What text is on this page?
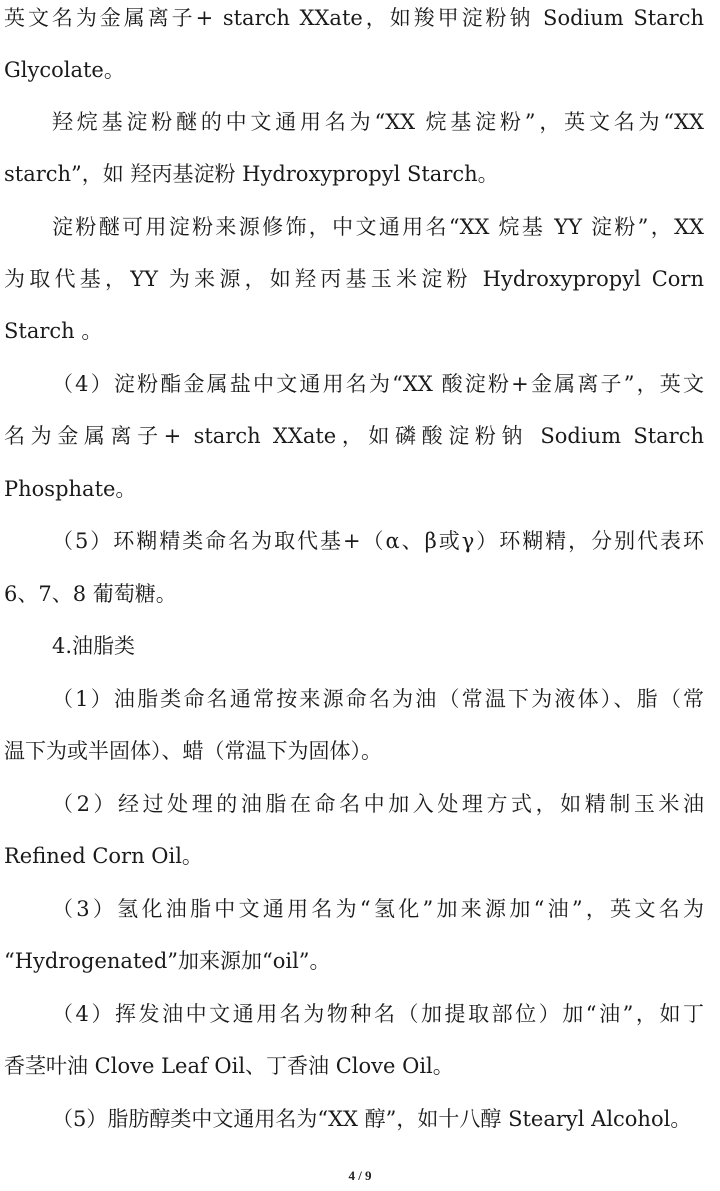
英文名为金属离子+ starch XXate，如羧甲淀粉钠 Sodium Starch
Glycolate。
羟烷基淀粉醚的中文通用名为“XX 烷基淀粉”，英文名为“XX
starch”，如 羟丙基淀粉 Hydroxypropyl Starch。
淀粉醚可用淀粉来源修饰，中文通用名“XX 烷基 YY 淀粉”，XX
为取代基，YY 为来源，如羟丙基玉米淀粉 Hydroxypropyl Corn
Starch 。
（4）淀粉酯金属盐中文通用名为“XX 酸淀粉+金属离子”，英文
名为金属离子+ starch XXate，如磷酸淀粉钠 Sodium Starch
Phosphate。
（5）环糊精类命名为取代基+（α、β或γ）环糊精，分别代表环
6、7、8 葡萄糖。
4.油脂类
（1）油脂类命名通常按来源命名为油（常温下为液体）、脂（常
温下为或半固体）、蜡（常温下为固体）。
（2）经过处理的油脂在命名中加入处理方式，如精制玉米油
Refined Corn Oil。
（3）氢化油脂中文通用名为“氢化”加来源加“油”，英文名为
“Hydrogenated”加来源加“oil”。
（4）挥发油中文通用名为物种名（加提取部位）加“油”，如丁
香茎叶油 Clove Leaf Oil、丁香油 Clove Oil。
（5）脂肪醇类中文通用名为“XX 醇”，如十八醇 Stearyl Alcohol。
4 / 9
